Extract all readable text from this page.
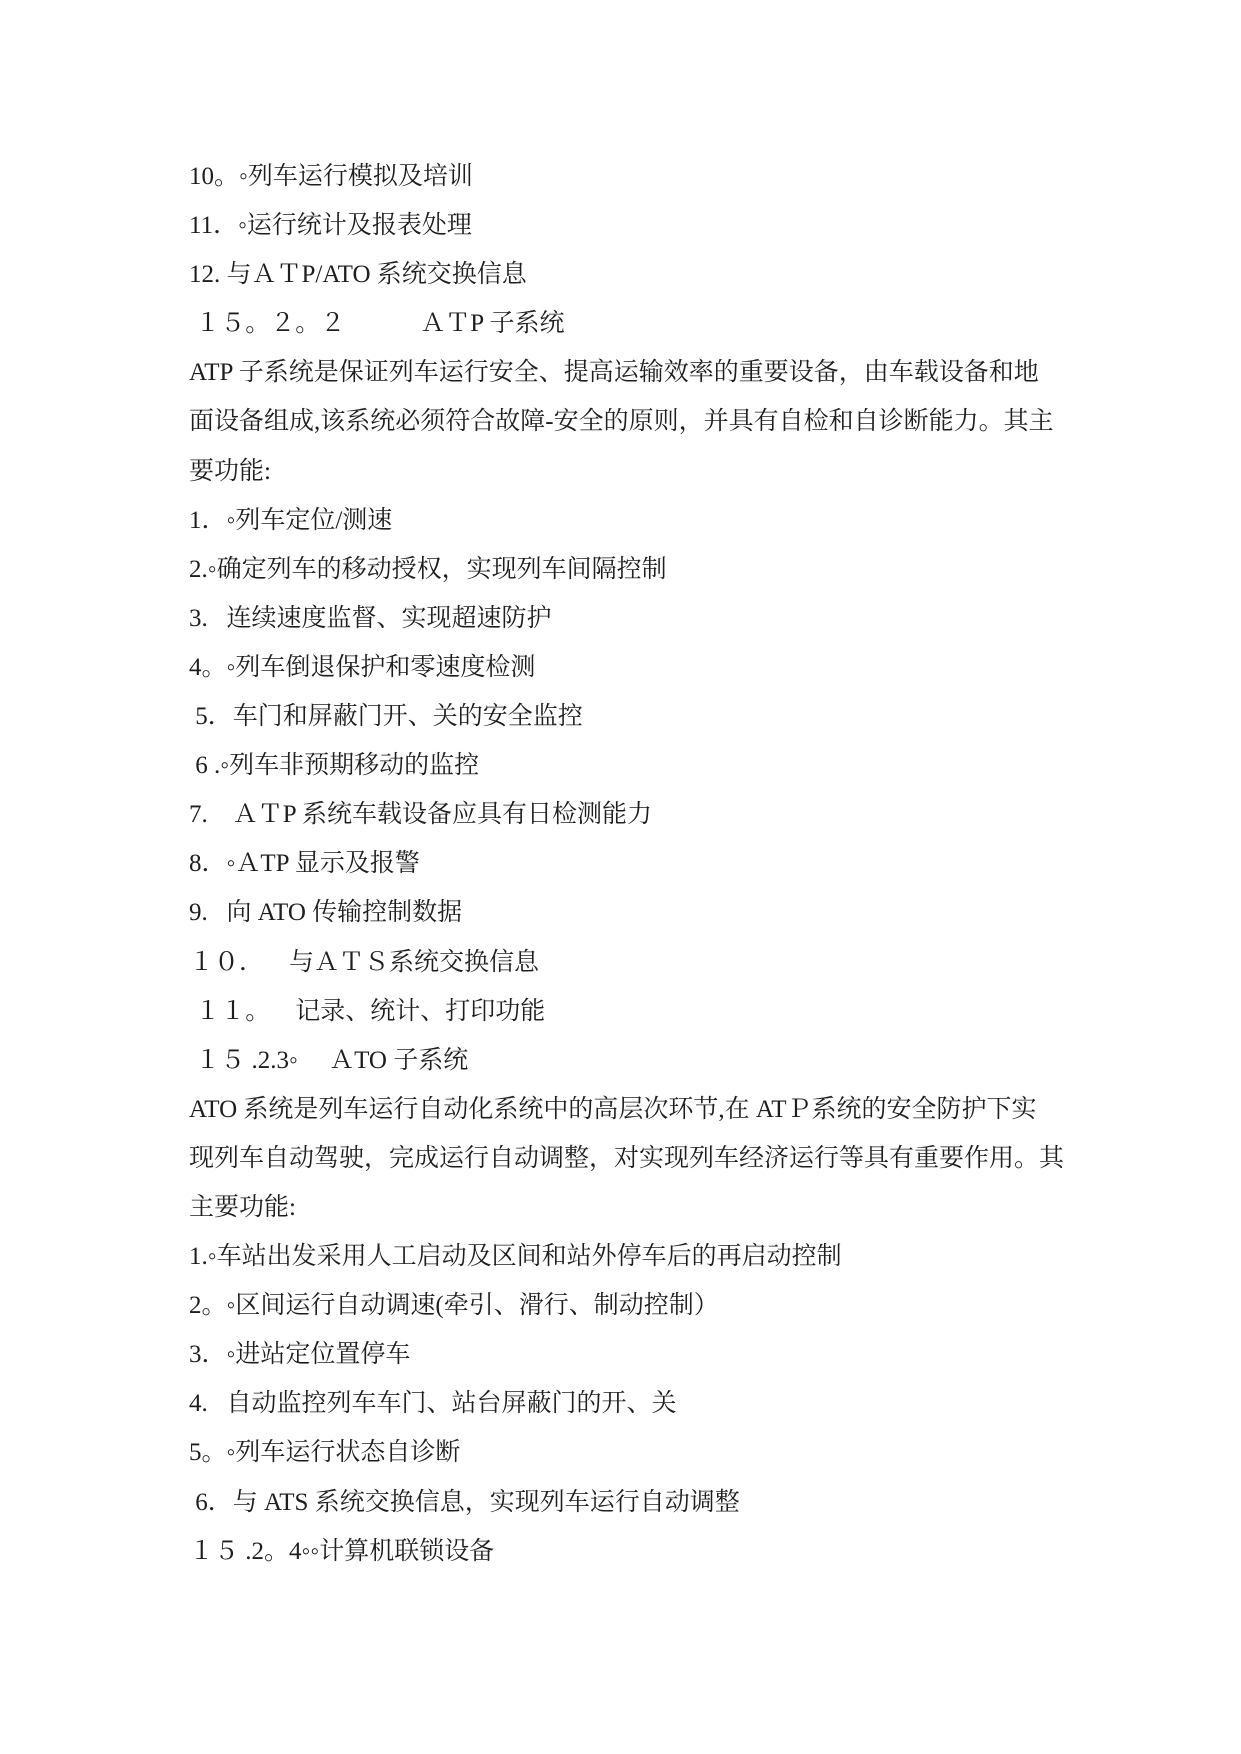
10。◦列车运行模拟及培训
11．◦运行统计及报表处理
12. 与ＡＴP/ATO 系统交换信息
１５。２。２　　　ＡＴP 子系统
ATP 子系统是保证列车运行安全、提高运输效率的重要设备，由车载设备和地
面设备组成,该系统必须符合故障-安全的原则，并具有自检和自诊断能力。其主
要功能:
1．◦列车定位/测速
2.◦确定列车的移动授权，实现列车间隔控制
3.   连续速度监督、实现超速防护
4。◦列车倒退保护和零速度检测
5．车门和屏蔽门开、关的安全监控
6 .◦列车非预期移动的监控
7.    ＡＴP 系统车载设备应具有日检测能力
8．◦ＡTP 显示及报警
9.   向 ATO 传输控制数据
１０．    与ＡＴＳ系统交换信息
１１。    记录、统计、打印功能
１５ .2.3◦     ＡTO 子系统
ATO 系统是列车运行自动化系统中的高层次环节,在 ATＰ系统的安全防护下实
现列车自动驾驶，完成运行自动调整，对实现列车经济运行等具有重要作用。其
主要功能:
1.◦车站出发采用人工启动及区间和站外停车后的再启动控制
2。◦区间运行自动调速(牵引、滑行、制动控制）
3．◦进站定位置停车
4.   自动监控列车车门、站台屏蔽门的开、关
5。◦列车运行状态自诊断
6．与 ATS 系统交换信息，实现列车运行自动调整
１５ .2。4◦◦计算机联锁设备
